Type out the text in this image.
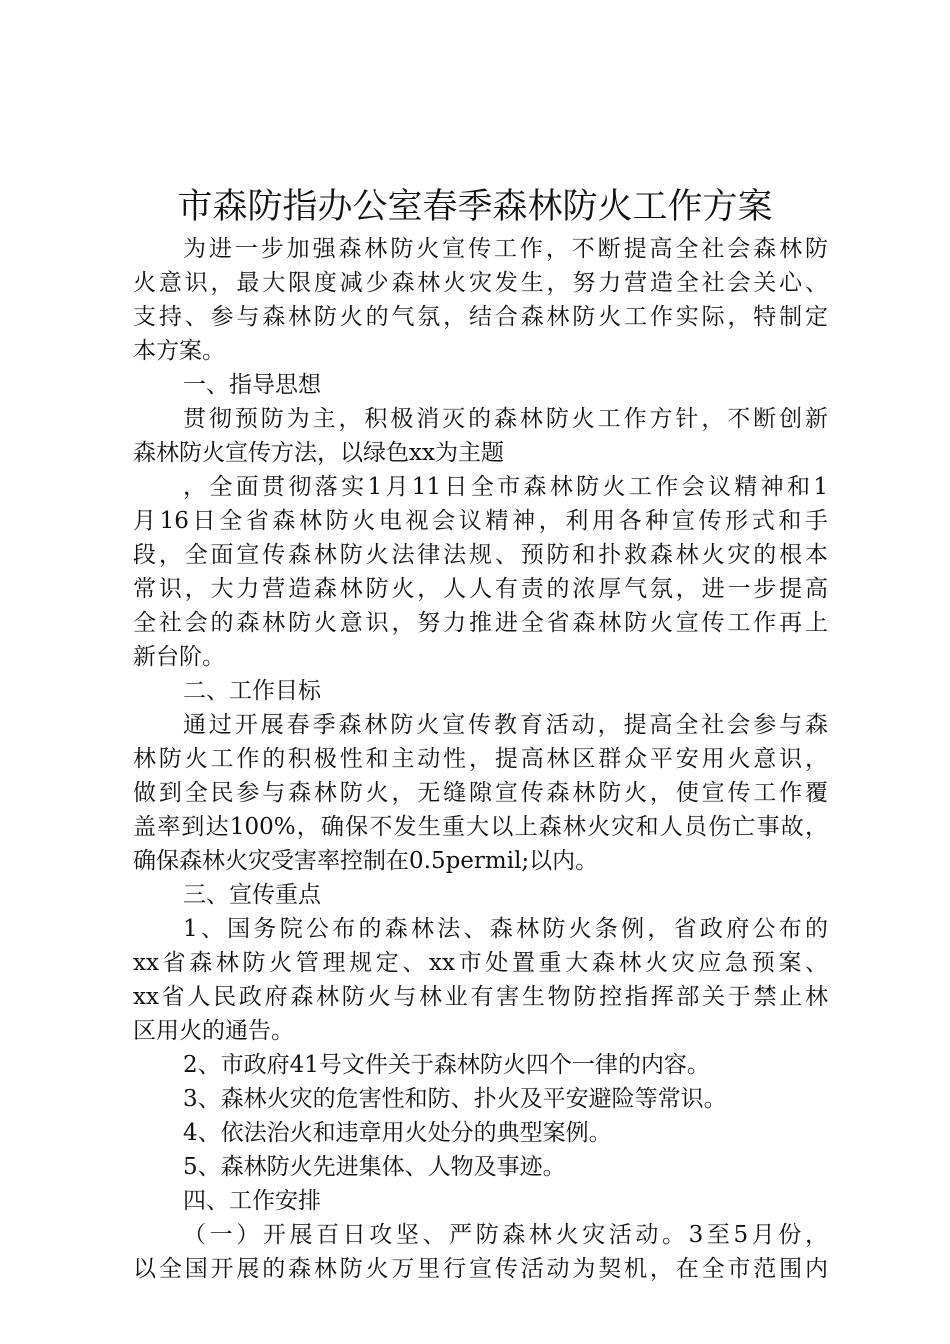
市森防指办公室春季森林防火工作方案
为进一步加强森林防火宣传工作，不断提高全社会森林防
火意识，最大限度减少森林火灾发生，努力营造全社会关心、
支持、参与森林防火的气氛，结合森林防火工作实际，特制定
本方案。
一、指导思想
贯彻预防为主，积极消灭的森林防火工作方针，不断创新
森林防火宣传方法，以绿色xx为主题
，全面贯彻落实1月11日全市森林防火工作会议精神和1
月16日全省森林防火电视会议精神，利用各种宣传形式和手
段，全面宣传森林防火法律法规、预防和扑救森林火灾的根本
常识，大力营造森林防火，人人有责的浓厚气氛，进一步提高
全社会的森林防火意识，努力推进全省森林防火宣传工作再上
新台阶。
二、工作目标
通过开展春季森林防火宣传教育活动，提高全社会参与森
林防火工作的积极性和主动性，提高林区群众平安用火意识，
做到全民参与森林防火，无缝隙宣传森林防火，使宣传工作覆
盖率到达100%，确保不发生重大以上森林火灾和人员伤亡事故，
确保森林火灾受害率控制在0.5permil;以内。
三、宣传重点
1、国务院公布的森林法、森林防火条例，省政府公布的
xx省森林防火管理规定、xx市处置重大森林火灾应急预案、
xx省人民政府森林防火与林业有害生物防控指挥部关于禁止林
区用火的通告。
2、市政府41号文件关于森林防火四个一律的内容。
3、森林火灾的危害性和防、扑火及平安避险等常识。
4、依法治火和违章用火处分的典型案例。
5、森林防火先进集体、人物及事迹。
四、工作安排
（一）开展百日攻坚、严防森林火灾活动。3至5月份，
以全国开展的森林防火万里行宣传活动为契机，在全市范围内
